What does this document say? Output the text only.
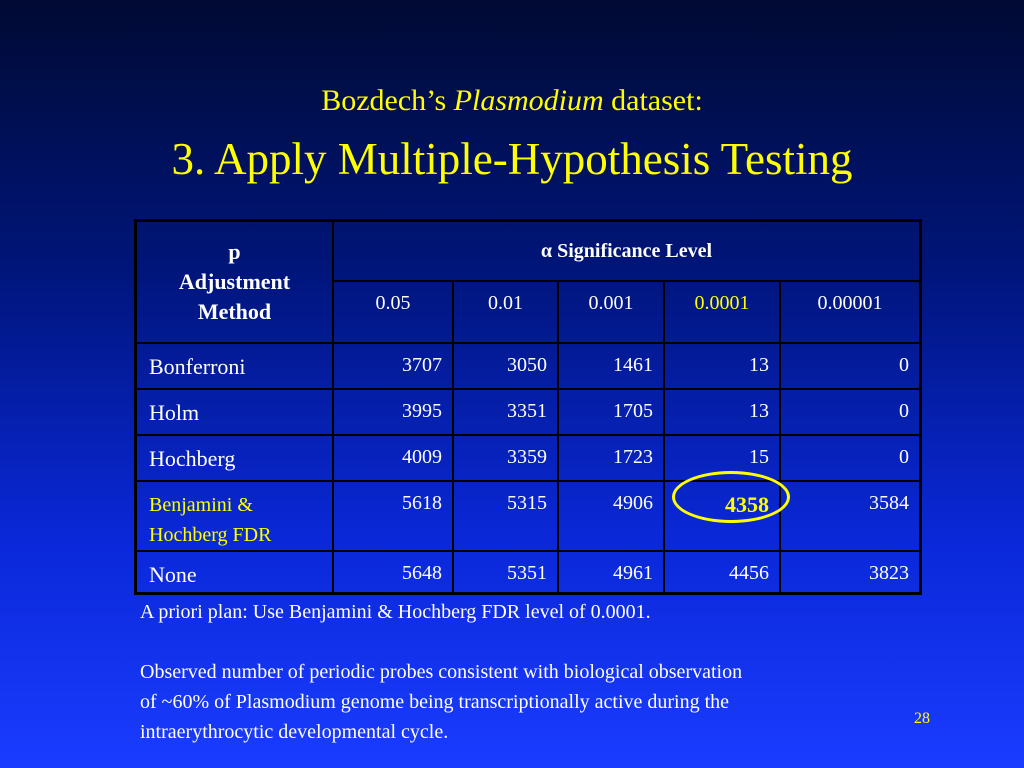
Bozdech’s Plasmodium dataset:
3. Apply Multiple-Hypothesis Testing
p
Adjustment
Method	α Significance Level				
	0.05	0.01	0.001	0.0001	0.00001
Bonferroni	3707	3050	1461	13	0
Holm	3995	3351	1705	13	0
Hochberg	4009	3359	1723	15	0

Benjamini &
Hochberg FDR	5618	5315	4906	4358	3584
None	5648	5351	4961	4456	3823
A priori plan: Use Benjamini & Hochberg FDR level of 0.0001.
Observed number of periodic probes consistent with biological observation
of ~60% of Plasmodium genome being transcriptionally active during the
intraerythrocytic developmental cycle.
28
